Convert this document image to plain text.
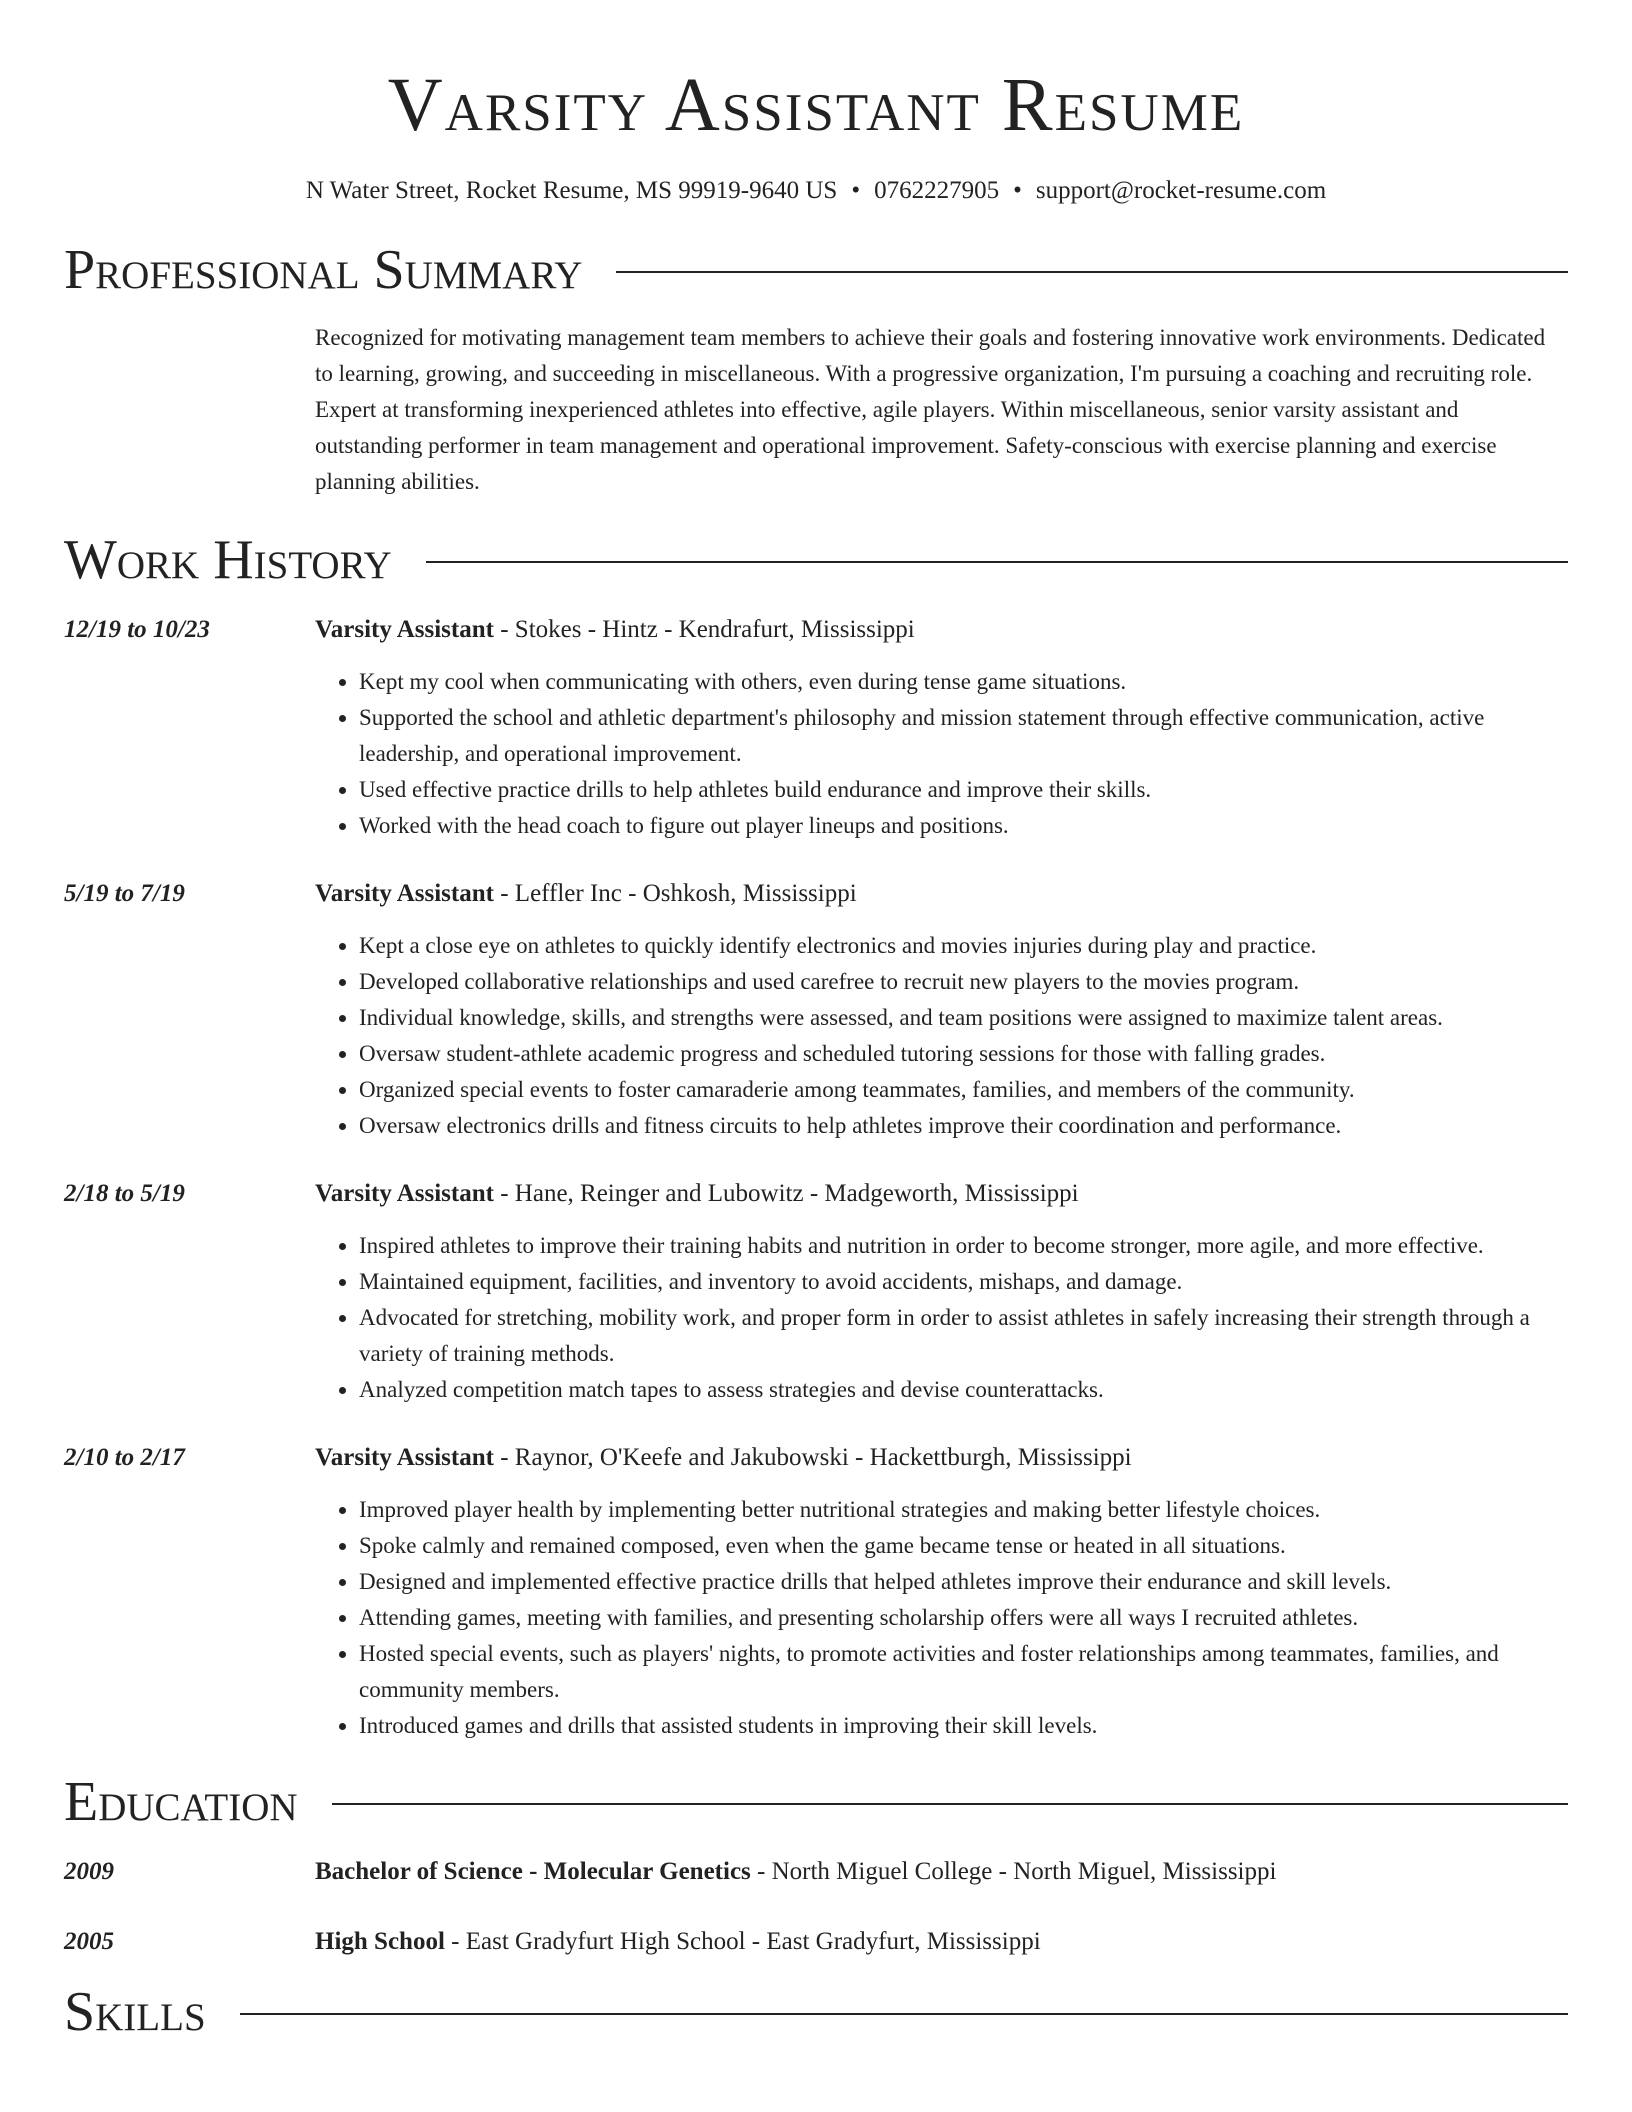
Varsity Assistant Resume
N Water Street, Rocket Resume, MS 99919-9640 US • 0762227905 • support@rocket-resume.com
Professional Summary
Recognized for motivating management team members to achieve their goals and fostering innovative work environments. Dedicated to learning, growing, and succeeding in miscellaneous. With a progressive organization, I'm pursuing a coaching and recruiting role. Expert at transforming inexperienced athletes into effective, agile players. Within miscellaneous, senior varsity assistant and outstanding performer in team management and operational improvement. Safety-conscious with exercise planning and exercise planning abilities.
Work History
12/19 to 10/23	Varsity Assistant - Stokes - Hintz - Kendrafurt, Mississippi
• Kept my cool when communicating with others, even during tense game situations.
• Supported the school and athletic department's philosophy and mission statement through effective communication, active leadership, and operational improvement.
• Used effective practice drills to help athletes build endurance and improve their skills.
• Worked with the head coach to figure out player lineups and positions.
5/19 to 7/19	Varsity Assistant - Leffler Inc - Oshkosh, Mississippi
• Kept a close eye on athletes to quickly identify electronics and movies injuries during play and practice.
• Developed collaborative relationships and used carefree to recruit new players to the movies program.
• Individual knowledge, skills, and strengths were assessed, and team positions were assigned to maximize talent areas.
• Oversaw student-athlete academic progress and scheduled tutoring sessions for those with falling grades.
• Organized special events to foster camaraderie among teammates, families, and members of the community.
• Oversaw electronics drills and fitness circuits to help athletes improve their coordination and performance.
2/18 to 5/19	Varsity Assistant - Hane, Reinger and Lubowitz - Madgeworth, Mississippi
• Inspired athletes to improve their training habits and nutrition in order to become stronger, more agile, and more effective.
• Maintained equipment, facilities, and inventory to avoid accidents, mishaps, and damage.
• Advocated for stretching, mobility work, and proper form in order to assist athletes in safely increasing their strength through a variety of training methods.
• Analyzed competition match tapes to assess strategies and devise counterattacks.
2/10 to 2/17	Varsity Assistant - Raynor, O'Keefe and Jakubowski - Hackettburgh, Mississippi
• Improved player health by implementing better nutritional strategies and making better lifestyle choices.
• Spoke calmly and remained composed, even when the game became tense or heated in all situations.
• Designed and implemented effective practice drills that helped athletes improve their endurance and skill levels.
• Attending games, meeting with families, and presenting scholarship offers were all ways I recruited athletes.
• Hosted special events, such as players' nights, to promote activities and foster relationships among teammates, families, and community members.
• Introduced games and drills that assisted students in improving their skill levels.
Education
2009	Bachelor of Science - Molecular Genetics - North Miguel College - North Miguel, Mississippi
2005	High School - East Gradyfurt High School - East Gradyfurt, Mississippi
Skills
